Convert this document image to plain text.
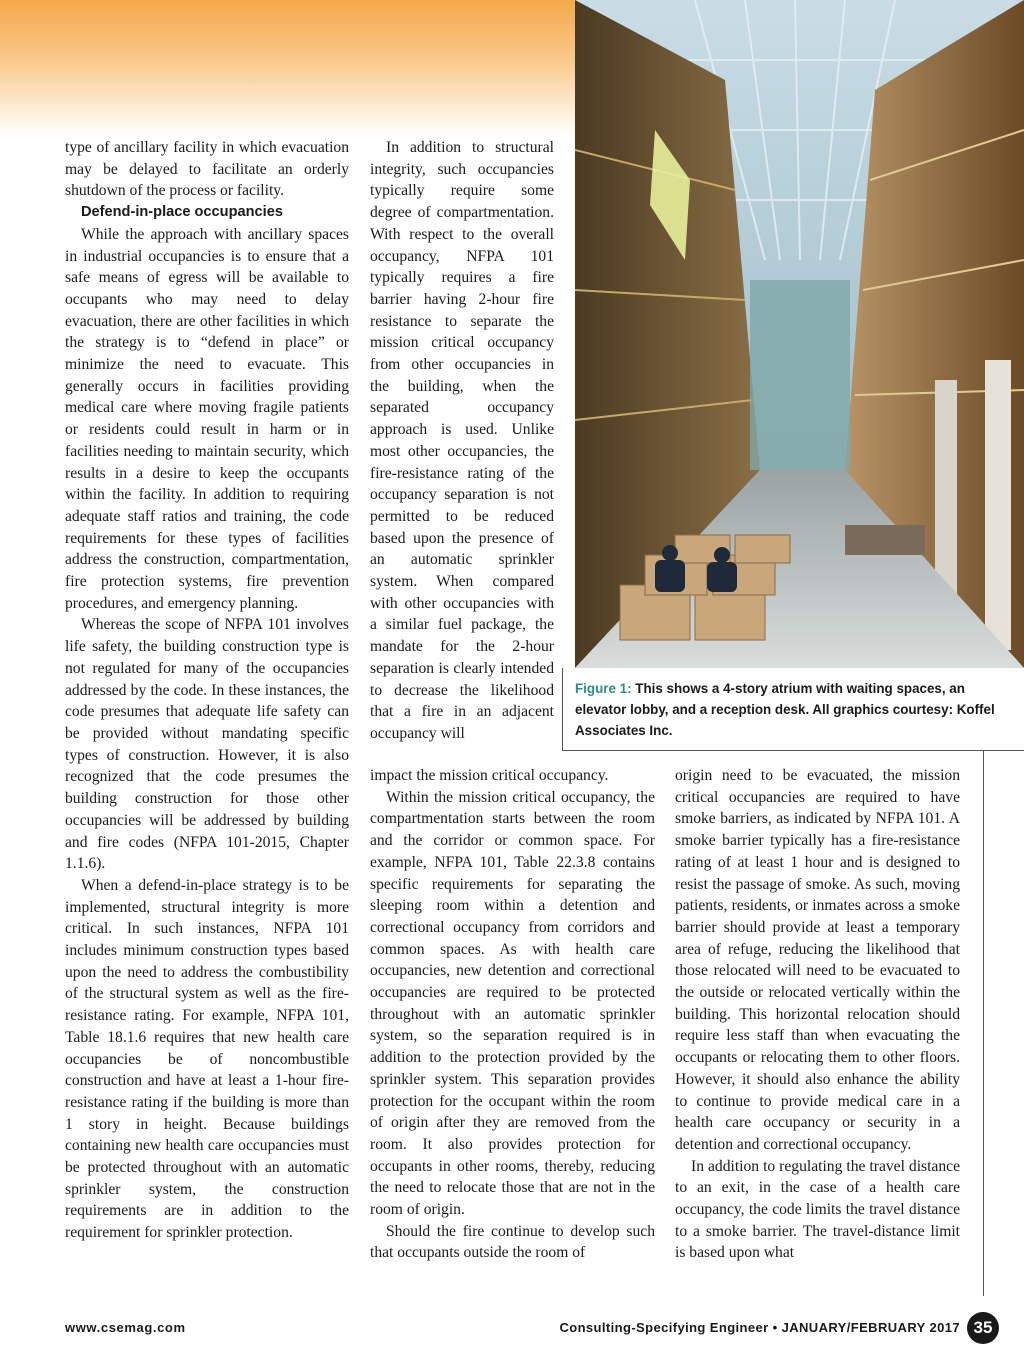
type of ancillary facility in which evacuation may be delayed to facilitate an orderly shutdown of the process or facility.

Defend-in-place occupancies

While the approach with ancillary spaces in industrial occupancies is to ensure that a safe means of egress will be available to occupants who may need to delay evacuation, there are other facilities in which the strategy is to “defend in place” or minimize the need to evacuate. This generally occurs in facilities providing medical care where moving fragile patients or residents could result in harm or in facilities needing to maintain security, which results in a desire to keep the occupants within the facility. In addition to requiring adequate staff ratios and training, the code requirements for these types of facilities address the construction, compartmentation, fire protection systems, fire prevention procedures, and emergency planning.

Whereas the scope of NFPA 101 involves life safety, the building construction type is not regulated for many of the occupancies addressed by the code. In these instances, the code presumes that adequate life safety can be provided without mandating specific types of construction. However, it is also recognized that the code presumes the building construction for those other occupancies will be addressed by building and fire codes (NFPA 101-2015, Chapter 1.1.6).

When a defend-in-place strategy is to be implemented, structural integrity is more critical. In such instances, NFPA 101 includes minimum construction types based upon the need to address the combustibility of the structural system as well as the fire-resistance rating. For example, NFPA 101, Table 18.1.6 requires that new health care occupancies be of noncombustible construction and have at least a 1-hour fire-resistance rating if the building is more than 1 story in height. Because buildings containing new health care occupancies must be protected throughout with an automatic sprinkler system, the construction requirements are in addition to the requirement for sprinkler protection.

In addition to structural integrity, such occupancies typically require some degree of compartmentation. With respect to the overall occupancy, NFPA 101 typically requires a fire barrier having 2-hour fire resistance to separate the mission critical occupancy from other occupancies in the building, when the separated occupancy approach is used. Unlike most other occupancies, the fire-resistance rating of the occupancy separation is not permitted to be reduced based upon the presence of an automatic sprinkler system. When compared with other occupancies with a similar fuel package, the mandate for the 2-hour separation is clearly intended to decrease the likelihood that a fire in an adjacent occupancy will

impact the mission critical occupancy.

Within the mission critical occupancy, the compartmentation starts between the room and the corridor or common space. For example, NFPA 101, Table 22.3.8 contains specific requirements for separating the sleeping room within a detention and correctional occupancy from corridors and common spaces. As with health care occupancies, new detention and correctional occupancies are required to be protected throughout with an automatic sprinkler system, so the separation required is in addition to the protection provided by the sprinkler system. This separation provides protection for the occupant within the room of origin after they are removed from the room. It also provides protection for occupants in other rooms, thereby, reducing the need to relocate those that are not in the room of origin.

Should the fire continue to develop such that occupants outside the room of

origin need to be evacuated, the mission critical occupancies are required to have smoke barriers, as indicated by NFPA 101. A smoke barrier typically has a fire-resistance rating of at least 1 hour and is designed to resist the passage of smoke. As such, moving patients, residents, or inmates across a smoke barrier should provide at least a temporary area of refuge, reducing the likelihood that those relocated will need to be evacuated to the outside or relocated vertically within the building. This horizontal relocation should require less staff than when evacuating the occupants or relocating them to other floors. However, it should also enhance the ability to continue to provide medical care in a health care occupancy or security in a detention and correctional occupancy.

In addition to regulating the travel distance to an exit, in the case of a health care occupancy, the code limits the travel distance to a smoke barrier. The travel-distance limit is based upon what

Figure 1: This shows a 4-story atrium with waiting spaces, an elevator lobby, and a reception desk. All graphics courtesy: Koffel Associates Inc.
www.csemag.com	Consulting-Specifying Engineer • JANUARY/FEBRUARY 2017 35
